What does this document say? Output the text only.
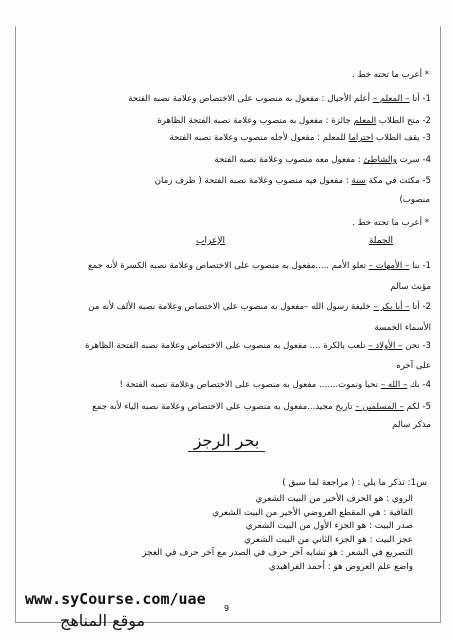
* أعرب ما تحته خط .
1- أنا – المعلم – أعلم الأجيال : مفعول به منصوب على الاختصاص وعلامة نصبه الفتحة
2- منح الطلاب المعلم جائزة : مفعول به منصوب وعلامة نصبه الفتحة الظاهرة
3- يقف الطلاب احتراما للمعلم : مفعول لأجله منصوب وعلامة نصبه الفتحة
4- سرت والشاطئ : مفعول معه منصوب وعلامة نصبه الفتحة
5- مكثت في مكة سنة : مفعول فيه منصوب وعلامة نصبه الفتحة ( ظرف زمان
منصوب)
* أعرب ما تحته خط .
الجملة
الإعراب
1- بنا – الأمهات – تعلو الأمم .....مفعول به منصوب على الاختصاص وعلامة نصبه الكسرة لأنه جمع
مؤنث سالم
2- أنا – أبا بكر – خليفة رسول الله –مفعول به منصوب على الاختصاص وعلامة نصبه الألف لأنه من
الأسماء الخمسة
3- نحن – الأولاد – نلعب بالكرة .... مفعول به منصوب على الاختصاص وعلامة نصبه الفتحة الظاهرة
على آخره
4- بك – الله – نحيا ونموت....... مفعول به منصوب على الاختصاص وعلامة نصبه الفتحة !
5- لكم – المسلمين – تاريخ مجيد...مفعول به منصوب على الاختصاص وعلامة نصبه الياء لأنه جمع
مذكر سالم
بحر الرجز
س1: تذكر ما يلي : ( مراجعة لما سبق )
الروي : هو الحرف الأخير من البيت الشعري
القافية : هي المقطع العروضي الأخير من البيت الشعري
صدر البيت : هو الجزء الأول من البيت الشعري
عجز البيت : هو الجزء الثاني من البيت الشعري
التصريع في الشعر : هو تشابه آخر حرف في الصدر مع آخر حرف في العجز
واضع علم العروض هو : أحمد الفراهيدي
www.syCourse.com/uae
9
موقع المناهج
